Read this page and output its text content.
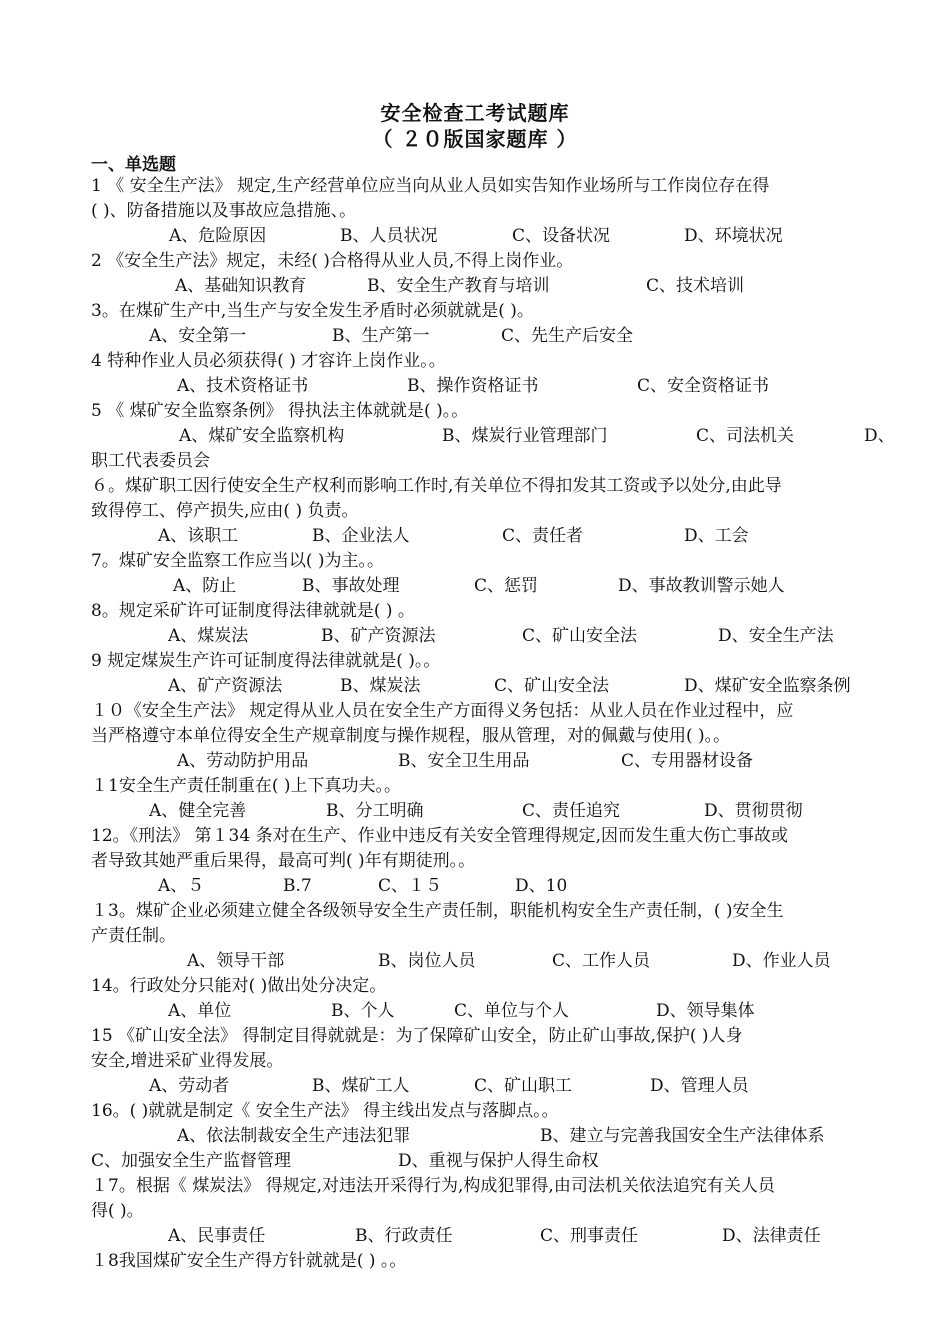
安全检查工考试题库
（ ２０版国家题库 ）
一、单选题
1 《 安全生产法》 规定,生产经营单位应当向从业人员如实告知作业场所与工作岗位存在得
( )、防备措施以及事故应急措施、。
A、危险原因	B、人员状况	C、设备状况	D、环境状况
2 《安全生产法》规定，未经( )合格得从业人员,不得上岗作业。
A、基础知识教育	B、安全生产教育与培训	C、技术培训
3。在煤矿生产中,当生产与安全发生矛盾时必须就就是( )。
A、安全第一	B、生产第一	C、先生产后安全
4 特种作业人员必须获得( ) 才容许上岗作业。。
A、技术资格证书	B、操作资格证书	C、安全资格证书
5 《 煤矿安全监察条例》 得执法主体就就是( )。。
A、煤矿安全监察机构	B、煤炭行业管理部门	C、司法机关	D、
职工代表委员会
６。煤矿职工因行使安全生产权利而影响工作时,有关单位不得扣发其工资或予以处分,由此导
致得停工、停产损失,应由( ) 负责。
A、该职工	B、企业法人	C、责任者	D、工会
7。煤矿安全监察工作应当以( )为主。。
A、防止	B、事故处理	C、惩罚	D、事故教训警示她人
8。规定采矿许可证制度得法律就就是( ) 。
A、煤炭法	B、矿产资源法	C、矿山安全法	D、安全生产法
9 规定煤炭生产许可证制度得法律就就是( )。。
A、矿产资源法	B、煤炭法	C、矿山安全法	D、煤矿安全监察条例
１０《安全生产法》 规定得从业人员在安全生产方面得义务包括：从业人员在作业过程中，应
当严格遵守本单位得安全生产规章制度与操作规程，服从管理，对的佩戴与使用( )。。
A、劳动防护用品	B、安全卫生用品	C、专用器材设备
１1安全生产责任制重在( )上下真功夫。。
A、健全完善	B、分工明确	C、责任追究	D、贯彻贯彻
12。《刑法》 第１34 条对在生产、作业中违反有关安全管理得规定,因而发生重大伤亡事故或
者导致其她严重后果得，最高可判( )年有期徒刑。。
A、５	B.7	C、１５	D、10
１3。煤矿企业必须建立健全各级领导安全生产责任制，职能机构安全生产责任制，( )安全生
产责任制。
A、领导干部	B、岗位人员	C、工作人员	D、作业人员
14。行政处分只能对( )做出处分决定。
A、单位	B、个人	C、单位与个人	D、领导集体
15 《矿山安全法》 得制定目得就就是：为了保障矿山安全，防止矿山事故,保护( )人身
安全,增进采矿业得发展。
A、劳动者	B、煤矿工人	C、矿山职工	D、管理人员
16。( )就就是制定《 安全生产法》 得主线出发点与落脚点。。
A、依法制裁安全生产违法犯罪	B、建立与完善我国安全生产法律体系
C、加强安全生产监督管理	D、重视与保护人得生命权
１7。根据《 煤炭法》 得规定,对违法开采得行为,构成犯罪得,由司法机关依法追究有关人员
得( )。
A、民事责任	B、行政责任	C、刑事责任	D、法律责任
１8我国煤矿安全生产得方针就就是( ) 。。
